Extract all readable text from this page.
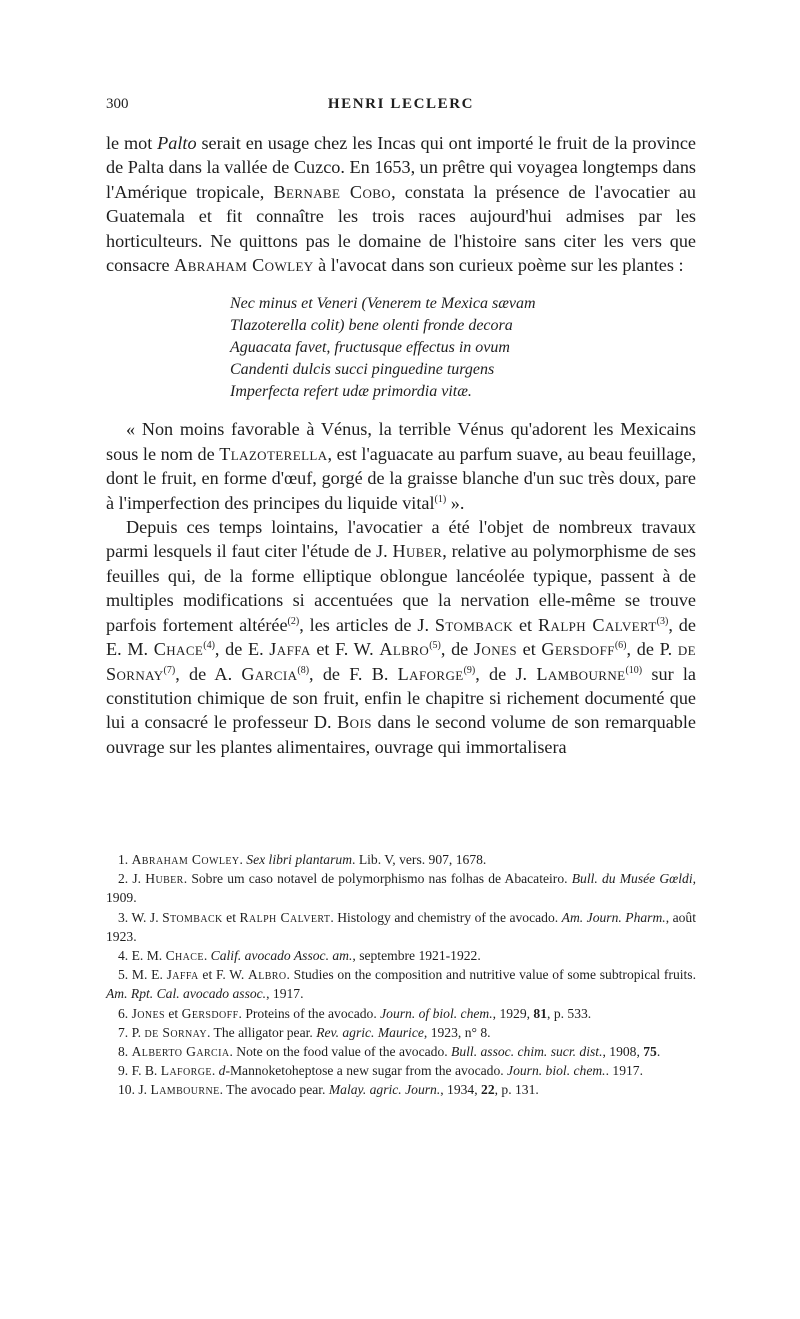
300	HENRI LECLERC

le mot Palto serait en usage chez les Incas qui ont importé le fruit de la province de Palta dans la vallée de Cuzco. En 1653, un prêtre qui voyagea longtemps dans l'Amérique tropicale, Bernabe Cobo, constata la présence de l'avocatier au Guatemala et fit connaître les trois races aujourd'hui admises par les horticulteurs. Ne quittons pas le domaine de l'histoire sans citer les vers que consacre Abraham Cowley à l'avocat dans son curieux poème sur les plantes :

Nec minus et Veneri (Venerem te Mexica sævam
Tlazoterella colit) bene olenti fronde decora
Aguacata favet, fructusque effectus in ovum
Candenti dulcis succi pinguedine turgens
Imperfecta refert udæ primordia vitæ.

« Non moins favorable à Vénus, la terrible Vénus qu'adorent les Mexicains sous le nom de Tlazoterella, est l'aguacate au parfum suave, au beau feuillage, dont le fruit, en forme d'œuf, gorgé de la graisse blanche d'un suc très doux, pare à l'imperfection des principes du liquide vital$^{(1)}$ ».

Depuis ces temps lointains, l'avocatier a été l'objet de nombreux travaux parmi lesquels il faut citer l'étude de J. Huber, relative au polymorphisme de ses feuilles qui, de la forme elliptique oblongue lancéolée typique, passent à de multiples modifications si accentuées que la nervation elle-même se trouve parfois fortement altérée$^{(2)}$, les articles de J. Stomback et Ralph Calvert$^{(3)}$, de E. M. Chace$^{(4)}$, de E. Jaffa et F. W. Albro$^{(5)}$, de Jones et Gersdoff$^{(6)}$, de P. de Sornay$^{(7)}$, de A. Garcia$^{(8)}$, de F. B. Laforge$^{(9)}$, de J. Lambourne$^{(10)}$ sur la constitution chimique de son fruit, enfin le chapitre si richement documenté que lui a consacré le professeur D. Bois dans le second volume de son remarquable ouvrage sur les plantes alimentaires, ouvrage qui immortalisera

1. Abraham Cowley. Sex libri plantarum. Lib. V, vers. 907, 1678.

2. J. Huber. Sobre um caso notavel de polymorphismo nas folhas de Abacateiro. Bull. du Musée Gœldi, 1909.

3. W. J. Stomback et Ralph Calvert. Histology and chemistry of the avocado. Am. Journ. Pharm., août 1923.

4. E. M. Chace. Calif. avocado Assoc. am., septembre 1921-1922.

5. M. E. Jaffa et F. W. Albro. Studies on the composition and nutritive value of some subtropical fruits. Am. Rpt. Cal. avocado assoc., 1917.

6. Jones et Gersdoff. Proteins of the avocado. Journ. of biol. chem., 1929, 81, p. 533.

7. P. de Sornay. The alligator pear. Rev. agric. Maurice, 1923, n° 8.

8. Alberto Garcia. Note on the food value of the avocado. Bull. assoc. chim. sucr. dist., 1908, 75.

9. F. B. Laforge. d-Mannoketoheptose a new sugar from the avocado. Journ. biol. chem.. 1917.

10. J. Lambourne. The avocado pear. Malay. agric. Journ., 1934, 22, p. 131.
